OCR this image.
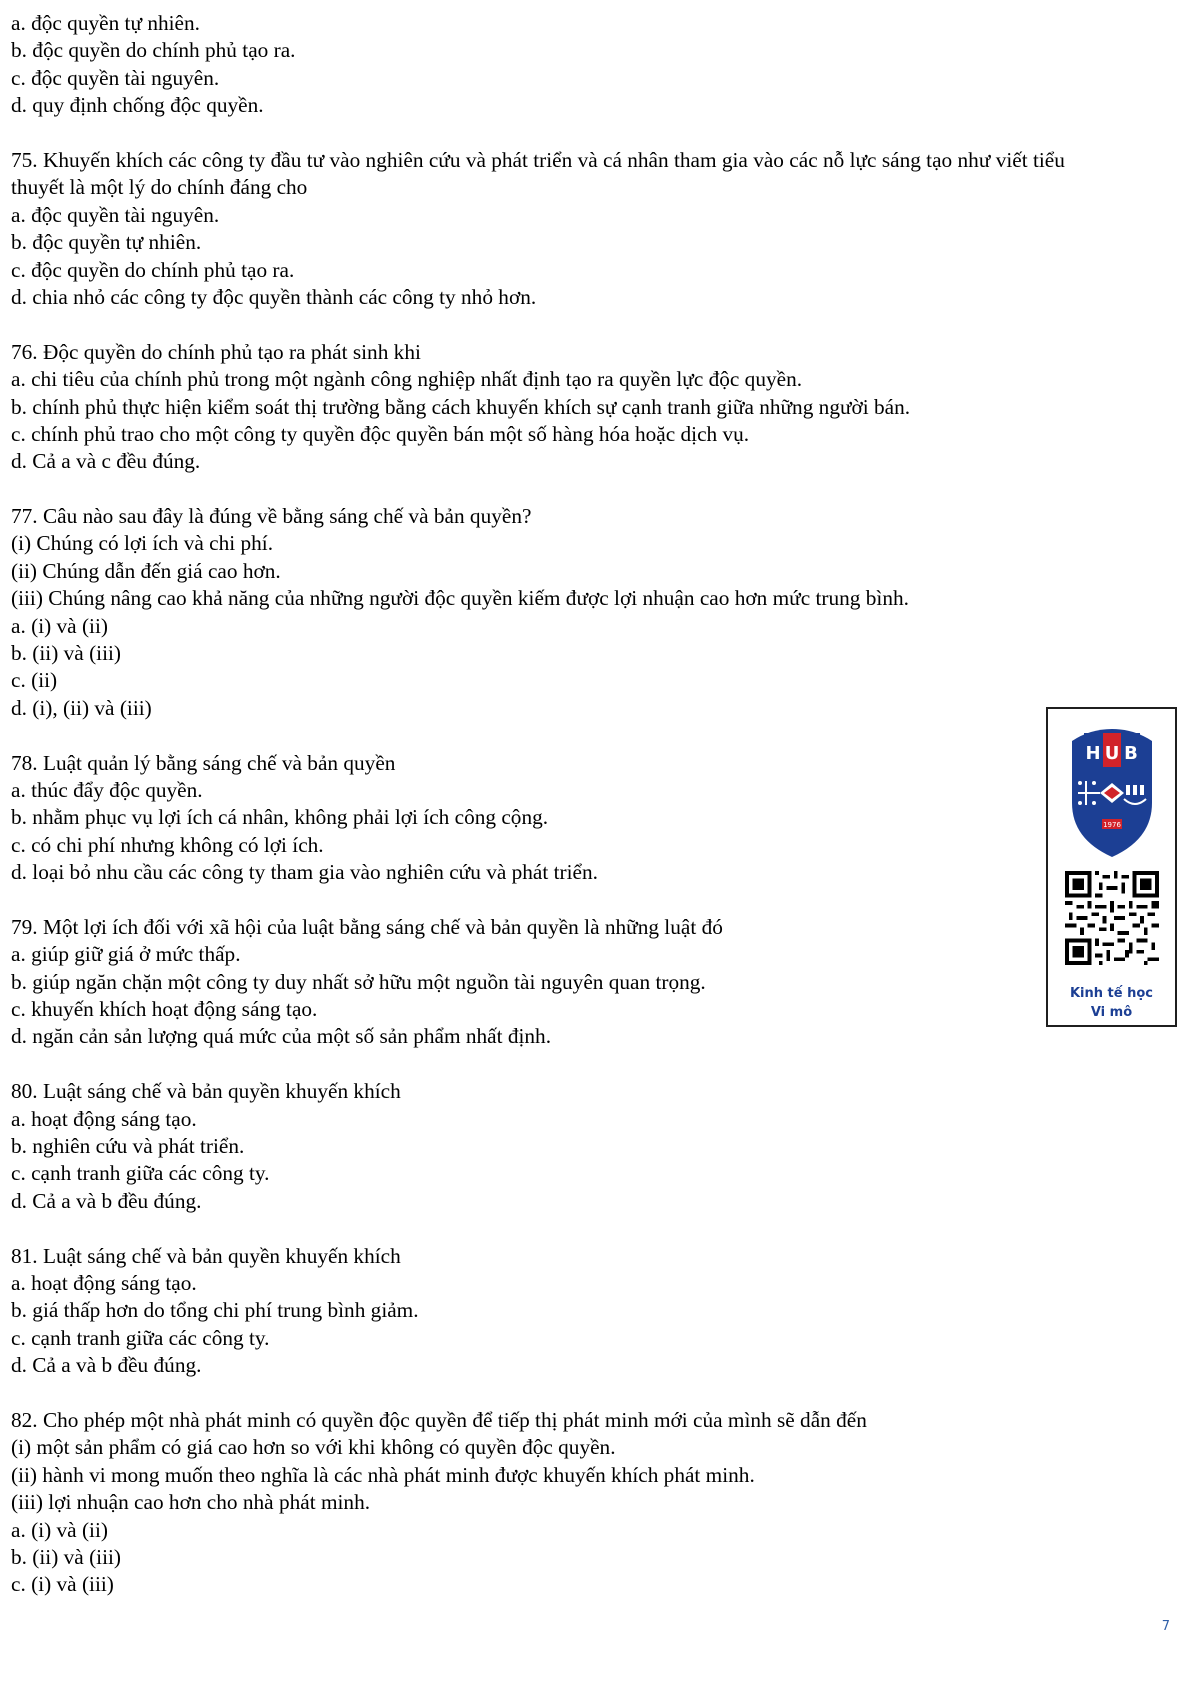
a. độc quyền tự nhiên.
b. độc quyền do chính phủ tạo ra.
c. độc quyền tài nguyên.
d. quy định chống độc quyền.
75. Khuyến khích các công ty đầu tư vào nghiên cứu và phát triển và cá nhân tham gia vào các nỗ lực sáng tạo như viết tiểu thuyết là một lý do chính đáng cho
a. độc quyền tài nguyên.
b. độc quyền tự nhiên.
c. độc quyền do chính phủ tạo ra.
d. chia nhỏ các công ty độc quyền thành các công ty nhỏ hơn.
76. Độc quyền do chính phủ tạo ra phát sinh khi
a. chi tiêu của chính phủ trong một ngành công nghiệp nhất định tạo ra quyền lực độc quyền.
b. chính phủ thực hiện kiểm soát thị trường bằng cách khuyến khích sự cạnh tranh giữa những người bán.
c. chính phủ trao cho một công ty quyền độc quyền bán một số hàng hóa hoặc dịch vụ.
d. Cả a và c đều đúng.
77. Câu nào sau đây là đúng về bằng sáng chế và bản quyền?
(i) Chúng có lợi ích và chi phí.
(ii) Chúng dẫn đến giá cao hơn.
(iii) Chúng nâng cao khả năng của những người độc quyền kiếm được lợi nhuận cao hơn mức trung bình.
a. (i) và (ii)
b. (ii) và (iii)
c. (ii)
d. (i), (ii) và (iii)
78. Luật quản lý bằng sáng chế và bản quyền
a. thúc đẩy độc quyền.
b. nhằm phục vụ lợi ích cá nhân, không phải lợi ích công cộng.
c. có chi phí nhưng không có lợi ích.
d. loại bỏ nhu cầu các công ty tham gia vào nghiên cứu và phát triển.
79. Một lợi ích đối với xã hội của luật bằng sáng chế và bản quyền là những luật đó
a. giúp giữ giá ở mức thấp.
b. giúp ngăn chặn một công ty duy nhất sở hữu một nguồn tài nguyên quan trọng.
c. khuyến khích hoạt động sáng tạo.
d. ngăn cản sản lượng quá mức của một số sản phẩm nhất định.
80. Luật sáng chế và bản quyền khuyến khích
a. hoạt động sáng tạo.
b. nghiên cứu và phát triển.
c. cạnh tranh giữa các công ty.
d. Cả a và b đều đúng.
81. Luật sáng chế và bản quyền khuyến khích
a. hoạt động sáng tạo.
b. giá thấp hơn do tổng chi phí trung bình giảm.
c. cạnh tranh giữa các công ty.
d. Cả a và b đều đúng.
82. Cho phép một nhà phát minh có quyền độc quyền để tiếp thị phát minh mới của mình sẽ dẫn đến
(i) một sản phẩm có giá cao hơn so với khi không có quyền độc quyền.
(ii) hành vi mong muốn theo nghĩa là các nhà phát minh được khuyến khích phát minh.
(iii) lợi nhuận cao hơn cho nhà phát minh.
a. (i) và (ii)
b. (ii) và (iii)
c. (i) và (iii)
H U B
1976
Kinh tế học
Vi mô
7
